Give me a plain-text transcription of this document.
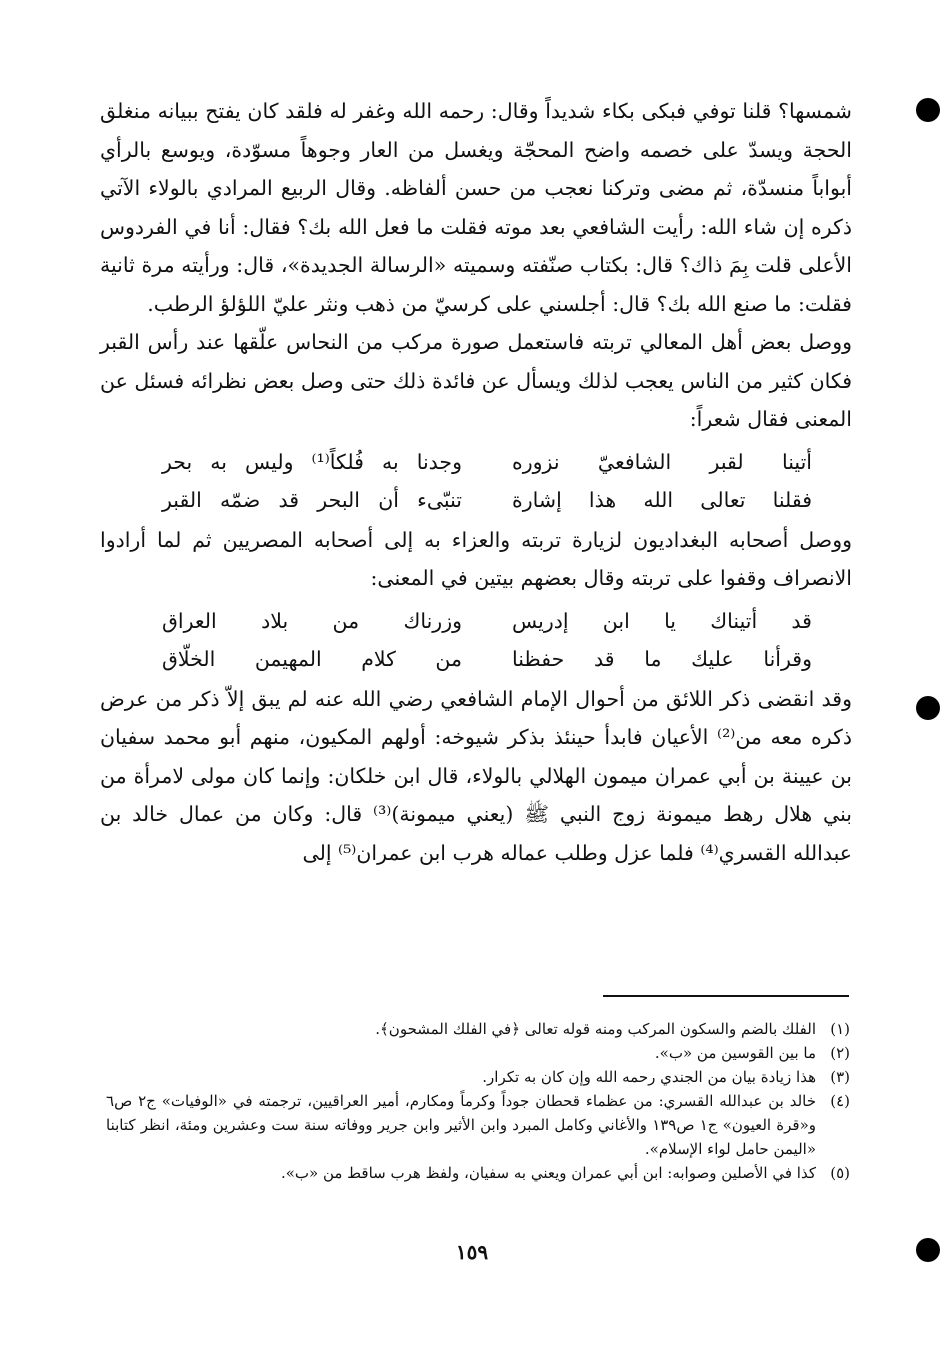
شمسها؟ قلنا توفي فبكى بكاء شديداً وقال: رحمه الله وغفر له فلقد كان يفتح ببيانه منغلق الحجة ويسدّ على خصمه واضح المحجّة ويغسل من العار وجوهاً مسوّدة، ويوسع بالرأي أبواباً منسدّة، ثم مضى وتركنا نعجب من حسن ألفاظه. وقال الربيع المرادي بالولاء الآتي ذكره إن شاء الله: رأيت الشافعي بعد موته فقلت ما فعل الله بك؟ فقال: أنا في الفردوس الأعلى قلت بِمَ ذاك؟ قال: بكتاب صنّفته وسميته «الرسالة الجديدة»، قال: ورأيته مرة ثانية فقلت: ما صنع الله بك؟ قال: أجلسني على كرسيّ من ذهب ونثر عليّ اللؤلؤ الرطب.

ووصل بعض أهل المعالي تربته فاستعمل صورة مركب من النحاس علّقها عند رأس القبر فكان كثير من الناس يعجب لذلك ويسأل عن فائدة ذلك حتى وصل بعض نظرائه فسئل عن المعنى فقال شعراً:

أتينا لقبر الشافعيّ نزوره
وجدنا به فُلكاً⁽¹⁾ وليس به بحر
فقلنا تعالى الله هذا إشارة
تنبّىء أن البحر قد ضمّه القبر

ووصل أصحابه البغداديون لزيارة تربته والعزاء به إلى أصحابه المصريين ثم لما أرادوا الانصراف وقفوا على تربته وقال بعضهم بيتين في المعنى:

قد أتيناك يا ابن إدريس
وزرناك من بلاد العراق
وقرأنا عليك ما قد حفظنا
من كلام المهيمن الخلّاق

وقد انقضى ذكر اللائق من أحوال الإمام الشافعي رضي الله عنه لم يبق إلاّ ذكر من عرض ذكره معه من⁽²⁾ الأعيان فابدأ حينئذ بذكر شيوخه: أولهم المكيون، منهم أبو محمد سفيان بن عيينة بن أبي عمران ميمون الهلالي بالولاء، قال ابن خلكان: وإنما كان مولى لامرأة من بني هلال رهط ميمونة زوج النبي ﷺ (يعني ميمونة)⁽³⁾ قال: وكان من عمال خالد بن عبدالله القسري⁽⁴⁾ فلما عزل وطلب عماله هرب ابن عمران⁽⁵⁾ إلى

(١)
الفلك بالضم والسكون المركب ومنه قوله تعالى ﴿في الفلك المشحون﴾.
(٢)
ما بين القوسين من «ب».
(٣)
هذا زيادة بيان من الجندي رحمه الله وإن كان به تكرار.
(٤)
خالد بن عبدالله القسري: من عظماء قحطان جوداً وكرماً ومكارم، أمير العراقيين، ترجمته في «الوفيات» ج٢ ص٦ و«قرة العيون» ج١ ص١٣٩ والأغاني وكامل المبرد وابن الأثير وابن جرير ووفاته سنة ست وعشرين ومئة، انظر كتابنا «اليمن حامل لواء الإسلام».
(٥)
كذا في الأصلين وصوابه: ابن أبي عمران ويعني به سفيان، ولفظ هرب ساقط من «ب».
١٥٩
